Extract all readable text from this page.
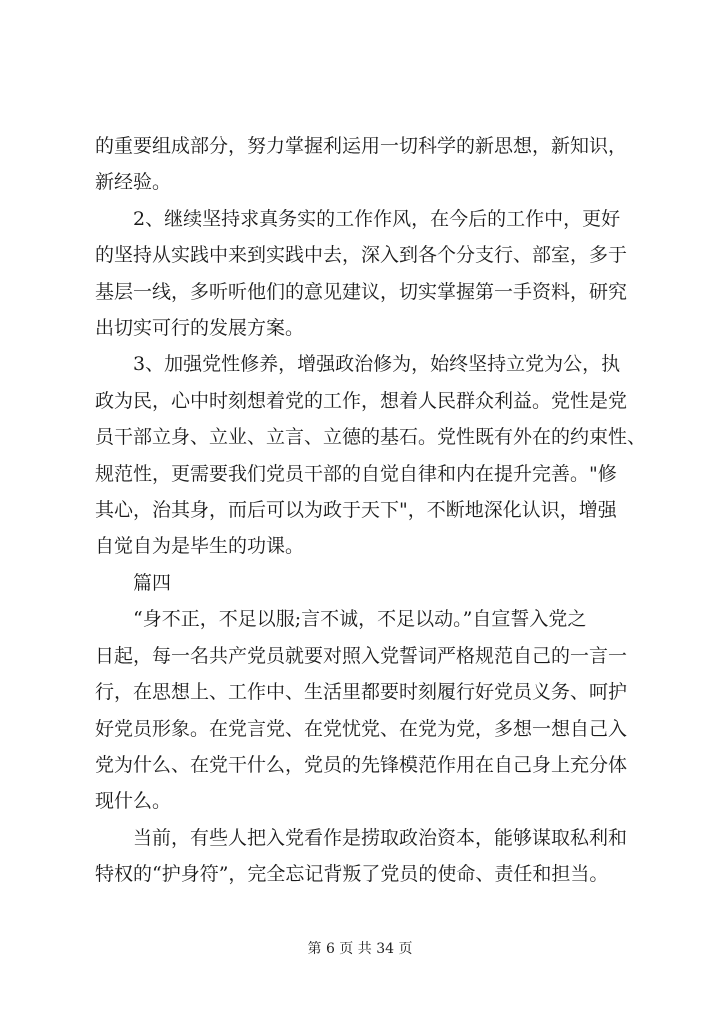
的重要组成部分，努力掌握利运用一切科学的新思想，新知识，
新经验。

2、继续坚持求真务实的工作作风，在今后的工作中，更好
的坚持从实践中来到实践中去，深入到各个分支行、部室，多于
基层一线，多听听他们的意见建议，切实掌握第一手资料，研究
出切实可行的发展方案。

3、加强党性修养，增强政治修为，始终坚持立党为公，执
政为民，心中时刻想着党的工作，想着人民群众利益。党性是党
员干部立身、立业、立言、立德的基石。党性既有外在的约束性、
规范性，更需要我们党员干部的自觉自律和内在提升完善。"修
其心，治其身，而后可以为政于天下"，不断地深化认识，增强
自觉自为是毕生的功课。

篇四

“身不正，不足以服;言不诚，不足以动。”自宣誓入党之
日起，每一名共产党员就要对照入党誓词严格规范自己的一言一
行，在思想上、工作中、生活里都要时刻履行好党员义务、呵护
好党员形象。在党言党、在党忧党、在党为党，多想一想自己入
党为什么、在党干什么，党员的先锋模范作用在自己身上充分体
现什么。

当前，有些人把入党看作是捞取政治资本，能够谋取私利和
特权的“护身符”，完全忘记背叛了党员的使命、责任和担当。

第 6 页 共 34 页
